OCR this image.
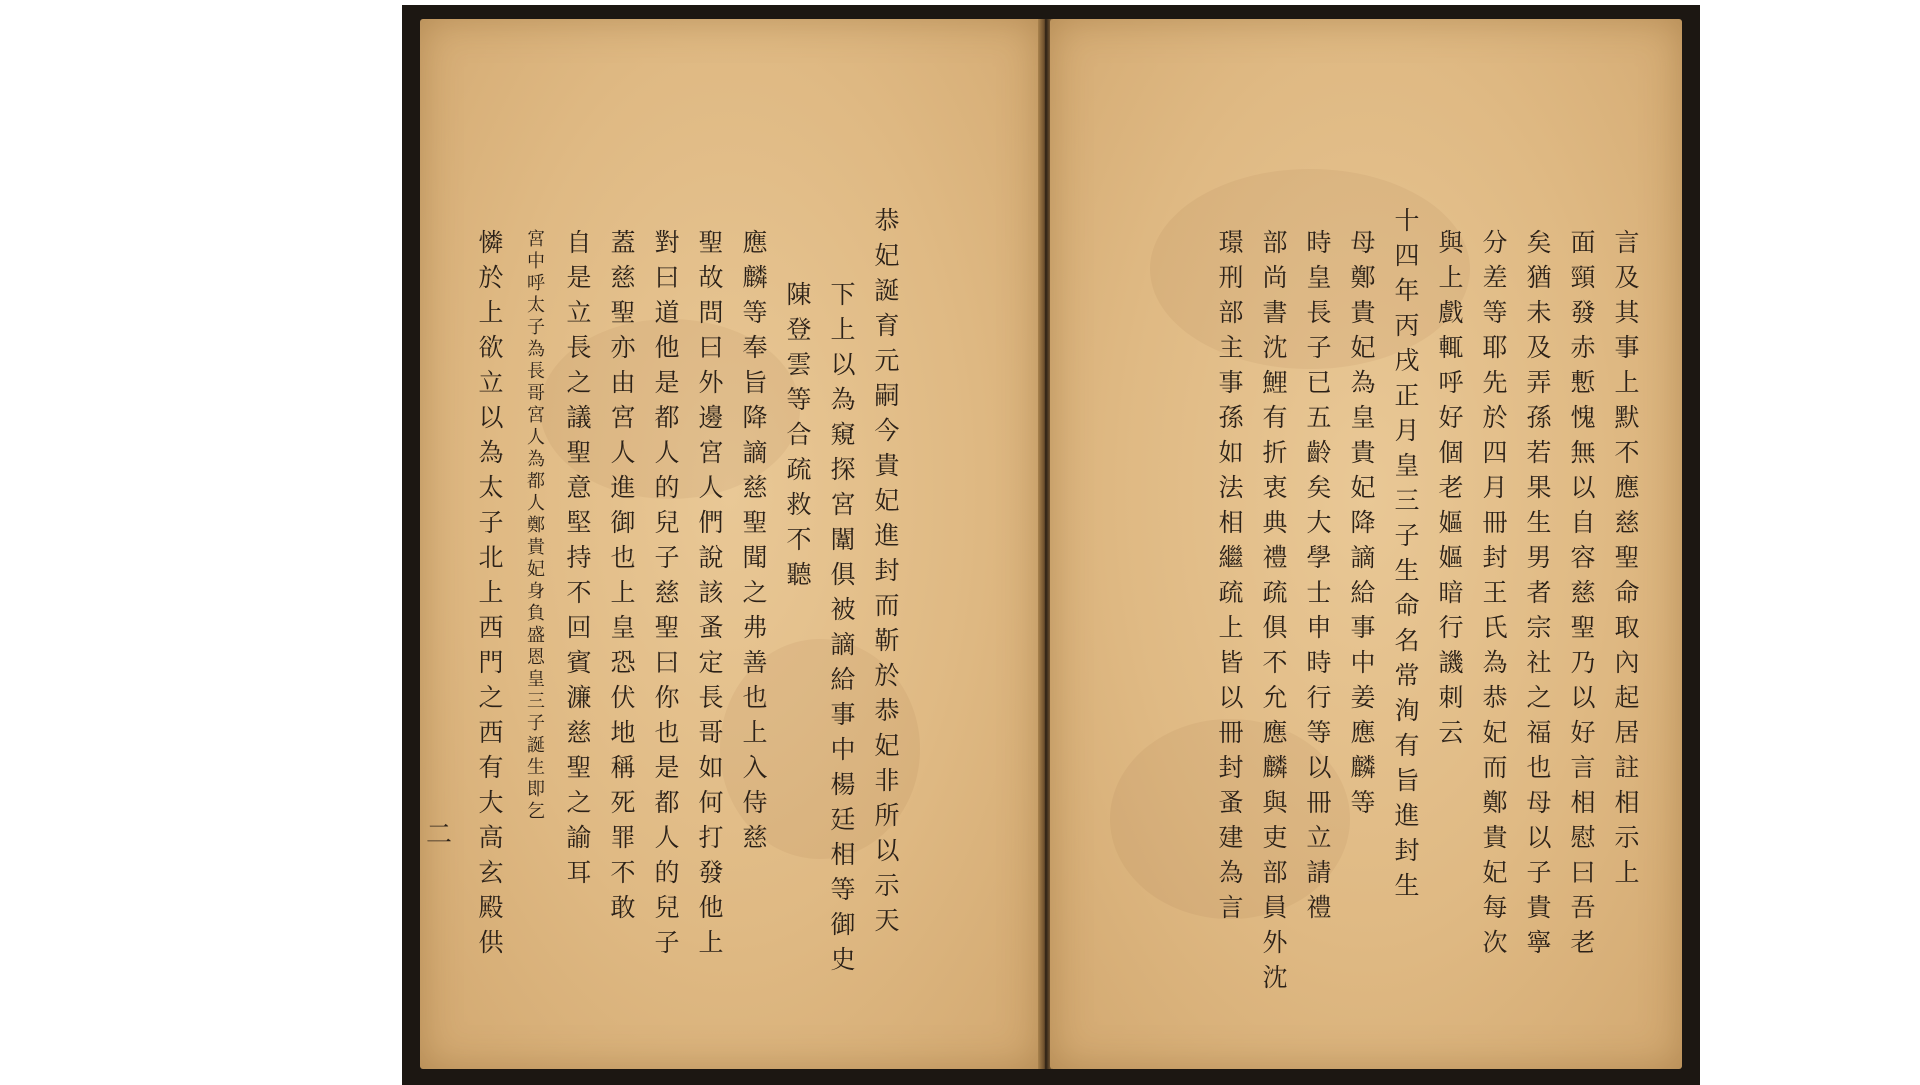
恭妃誕育元嗣今貴妃進封而靳於恭妃非所以示天
下上以為窺探宮闈俱被謫給事中楊廷相等御史
陳登雲等合疏救不聽
應麟等奉旨降謫慈聖聞之弗善也上入侍慈
聖故問曰外邊宮人們說該蚤定長哥如何打發他上
對曰道他是都人的兒子慈聖曰你也是都人的兒子
蓋慈聖亦由宮人進御也上皇恐伏地稱死罪不敢
自是立長之議聖意堅持不回賓濂慈聖之諭耳
宮中呼太子為長哥宮人為都人鄭貴妃身負盛恩皇三子誕生即乞
憐於上欲立以為太子北上西門之西有大高玄殿供
二	言及其事上默不應慈聖命取內起居註相示上
面頸發赤慙愧無以自容慈聖乃以好言相慰曰吾老
矣猶未及弄孫若果生男者宗社之福也母以子貴寧
分差等耶先於四月冊封王氏為恭妃而鄭貴妃每次
與上戲輒呼好個老嫗嫗暗行譏刺云
十四年丙戌正月皇三子生命名常洵有旨進封生
母鄭貴妃為皇貴妃降謫給事中姜應麟等
時皇長子已五齡矣大學士申時行等以冊立請禮
部尚書沈鯉有折衷典禮疏俱不允應麟與吏部員外沈
璟刑部主事孫如法相繼疏上皆以冊封蚤建為言
